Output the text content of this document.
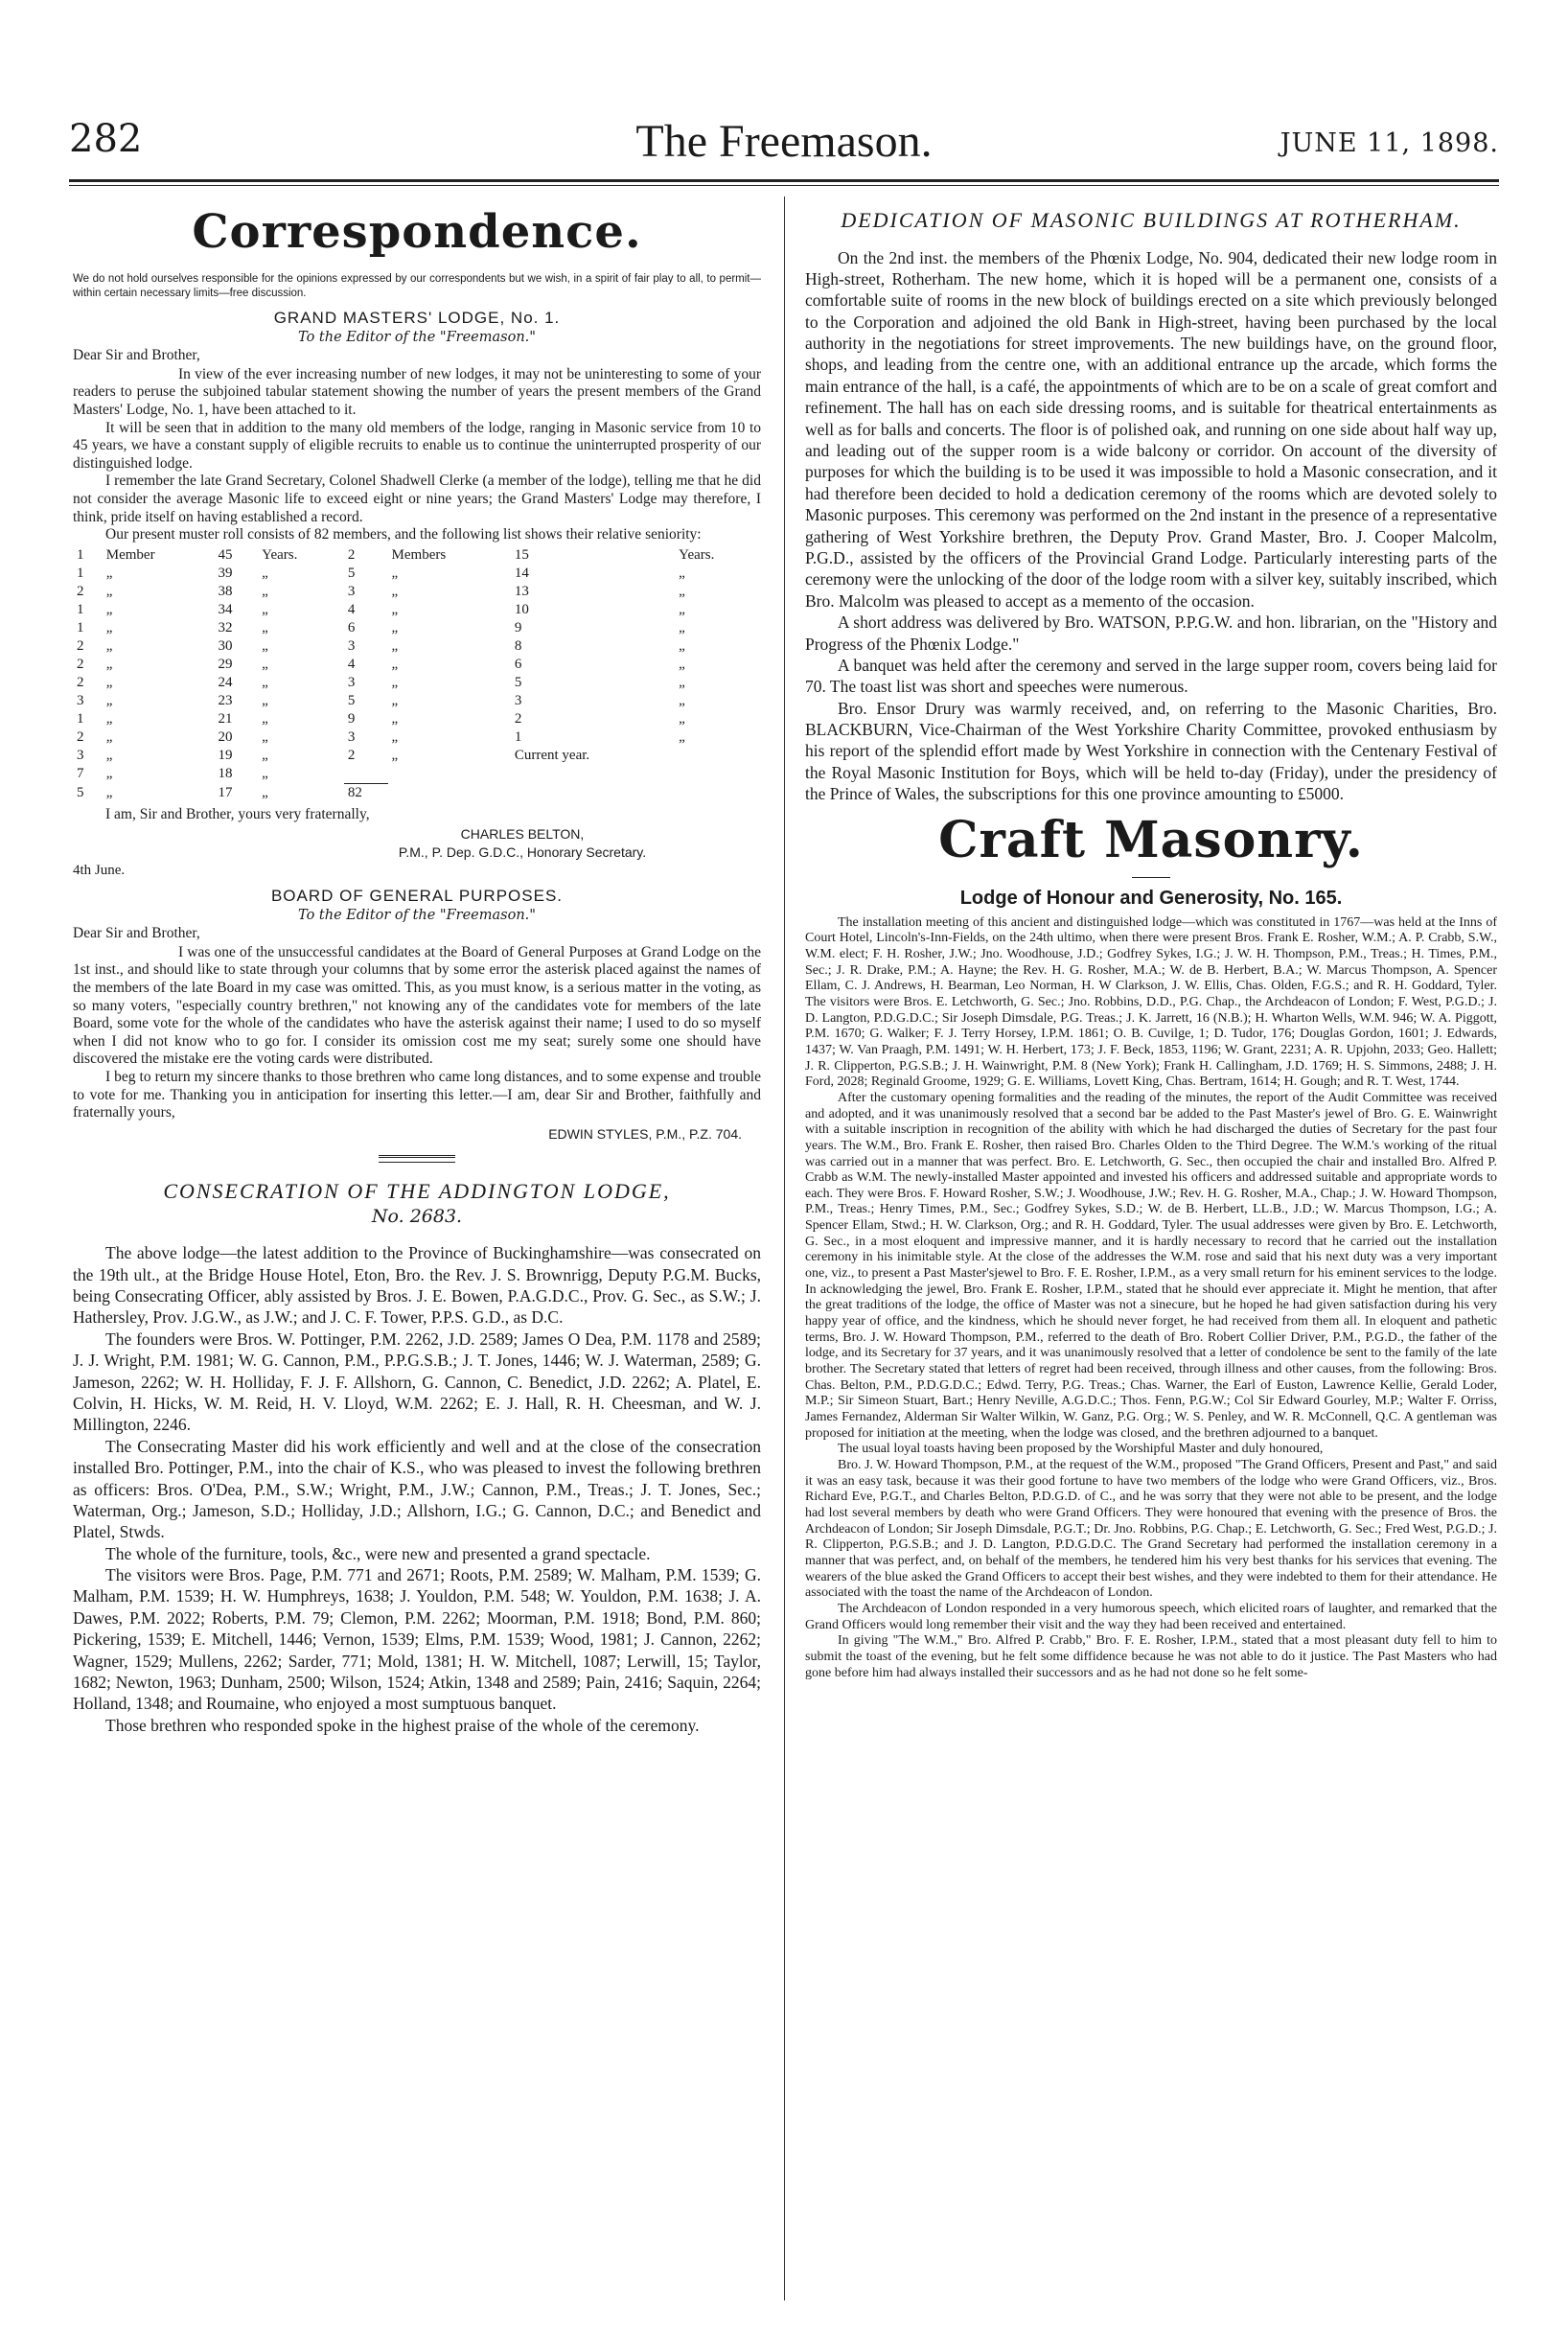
282	The Freemason.	JUNE 11, 1898.
Correspondence.

We do not hold ourselves responsible for the opinions expressed by our correspondents but we wish, in a spirit of fair play to all, to permit—within certain necessary limits—free discussion.

GRAND MASTERS' LODGE, No. 1.
To the Editor of the "Freemason."

Dear Sir and Brother,

In view of the ever increasing number of new lodges, it may not be uninteresting to some of your readers to peruse the subjoined tabular statement showing the number of years the present members of the Grand Masters' Lodge, No. 1, have been attached to it.

It will be seen that in addition to the many old members of the lodge, ranging in Masonic service from 10 to 45 years, we have a constant supply of eligible recruits to enable us to continue the uninterrupted prosperity of our distinguished lodge.

I remember the late Grand Secretary, Colonel Shadwell Clerke (a member of the lodge), telling me that he did not consider the average Masonic life to exceed eight or nine years; the Grand Masters' Lodge may therefore, I think, pride itself on having established a record.

Our present muster roll consists of 82 members, and the following list shows their relative seniority:

1	Member	45	Years.	2	Members	15	Years.
1	„	39	„	5	„	14	„
2	„	38	„	3	„	13	„
1	„	34	„	4	„	10	„
1	„	32	„	6	„	9	„
2	„	30	„	3	„	8	„
2	„	29	„	4	„	6	„
2	„	24	„	3	„	5	„
3	„	23	„	5	„	3	„
1	„	21	„	9	„	2	„
2	„	20	„	3	„	1	„
3	„	19	„	2	„	Current year.	
7	„	18	„				
5	„	17	„	82			

I am, Sir and Brother, yours very fraternally,

CHARLES BELTON,
P.M., P. Dep. G.D.C., Honorary Secretary.

4th June.

BOARD OF GENERAL PURPOSES.
To the Editor of the "Freemason."

Dear Sir and Brother,

I was one of the unsuccessful candidates at the Board of General Purposes at Grand Lodge on the 1st inst., and should like to state through your columns that by some error the asterisk placed against the names of the members of the late Board in my case was omitted. This, as you must know, is a serious matter in the voting, as so many voters, "especially country brethren," not knowing any of the candidates vote for members of the late Board, some vote for the whole of the candidates who have the asterisk against their name; I used to do so myself when I did not know who to go for. I consider its omission cost me my seat; surely some one should have discovered the mistake ere the voting cards were distributed.

I beg to return my sincere thanks to those brethren who came long distances, and to some expense and trouble to vote for me. Thanking you in anticipation for inserting this letter.—I am, dear Sir and Brother, faithfully and fraternally yours,

EDWIN STYLES, P.M., P.Z. 704.
CONSECRATION OF THE ADDINGTON LODGE,
No. 2683.

The above lodge—the latest addition to the Province of Buckinghamshire—was consecrated on the 19th ult., at the Bridge House Hotel, Eton, Bro. the Rev. J. S. Brownrigg, Deputy P.G.M. Bucks, being Consecrating Officer, ably assisted by Bros. J. E. Bowen, P.A.G.D.C., Prov. G. Sec., as S.W.; J. Hathersley, Prov. J.G.W., as J.W.; and J. C. F. Tower, P.P.S. G.D., as D.C.

The founders were Bros. W. Pottinger, P.M. 2262, J.D. 2589; James O Dea, P.M. 1178 and 2589; J. J. Wright, P.M. 1981; W. G. Cannon, P.M., P.P.G.S.B.; J. T. Jones, 1446; W. J. Waterman, 2589; G. Jameson, 2262; W. H. Holliday, F. J. F. Allshorn, G. Cannon, C. Benedict, J.D. 2262; A. Platel, E. Colvin, H. Hicks, W. M. Reid, H. V. Lloyd, W.M. 2262; E. J. Hall, R. H. Cheesman, and W. J. Millington, 2246.

The Consecrating Master did his work efficiently and well and at the close of the consecration installed Bro. Pottinger, P.M., into the chair of K.S., who was pleased to invest the following brethren as officers: Bros. O'Dea, P.M., S.W.; Wright, P.M., J.W.; Cannon, P.M., Treas.; J. T. Jones, Sec.; Waterman, Org.; Jameson, S.D.; Holliday, J.D.; Allshorn, I.G.; G. Cannon, D.C.; and Benedict and Platel, Stwds.

The whole of the furniture, tools, &c., were new and presented a grand spectacle.

The visitors were Bros. Page, P.M. 771 and 2671; Roots, P.M. 2589; W. Malham, P.M. 1539; G. Malham, P.M. 1539; H. W. Humphreys, 1638; J. Youldon, P.M. 548; W. Youldon, P.M. 1638; J. A. Dawes, P.M. 2022; Roberts, P.M. 79; Clemon, P.M. 2262; Moorman, P.M. 1918; Bond, P.M. 860; Pickering, 1539; E. Mitchell, 1446; Vernon, 1539; Elms, P.M. 1539; Wood, 1981; J. Cannon, 2262; Wagner, 1529; Mullens, 2262; Sarder, 771; Mold, 1381; H. W. Mitchell, 1087; Lerwill, 15; Taylor, 1682; Newton, 1963; Dunham, 2500; Wilson, 1524; Atkin, 1348 and 2589; Pain, 2416; Saquin, 2264; Holland, 1348; and Roumaine, who enjoyed a most sumptuous banquet.

Those brethren who responded spoke in the highest praise of the whole of the ceremony.

DEDICATION OF MASONIC BUILDINGS AT ROTHERHAM.

On the 2nd inst. the members of the Phœnix Lodge, No. 904, dedicated their new lodge room in High-street, Rotherham. The new home, which it is hoped will be a permanent one, consists of a comfortable suite of rooms in the new block of buildings erected on a site which previously belonged to the Corporation and adjoined the old Bank in High-street, having been purchased by the local authority in the negotiations for street improvements. The new buildings have, on the ground floor, shops, and leading from the centre one, with an additional entrance up the arcade, which forms the main entrance of the hall, is a café, the appointments of which are to be on a scale of great comfort and refinement. The hall has on each side dressing rooms, and is suitable for theatrical entertainments as well as for balls and concerts. The floor is of polished oak, and running on one side about half way up, and leading out of the supper room is a wide balcony or corridor. On account of the diversity of purposes for which the building is to be used it was impossible to hold a Masonic consecration, and it had therefore been decided to hold a dedication ceremony of the rooms which are devoted solely to Masonic purposes. This ceremony was performed on the 2nd instant in the presence of a representative gathering of West Yorkshire brethren, the Deputy Prov. Grand Master, Bro. J. Cooper Malcolm, P.G.D., assisted by the officers of the Provincial Grand Lodge. Particularly interesting parts of the ceremony were the unlocking of the door of the lodge room with a silver key, suitably inscribed, which Bro. Malcolm was pleased to accept as a memento of the occasion.

A short address was delivered by Bro. WATSON, P.P.G.W. and hon. librarian, on the "History and Progress of the Phœnix Lodge."

A banquet was held after the ceremony and served in the large supper room, covers being laid for 70. The toast list was short and speeches were numerous.

Bro. Ensor Drury was warmly received, and, on referring to the Masonic Charities, Bro. BLACKBURN, Vice-Chairman of the West Yorkshire Charity Committee, provoked enthusiasm by his report of the splendid effort made by West Yorkshire in connection with the Centenary Festival of the Royal Masonic Institution for Boys, which will be held to-day (Friday), under the presidency of the Prince of Wales, the subscriptions for this one province amounting to £5000.

Craft Masonry.
Lodge of Honour and Generosity, No. 165.

The installation meeting of this ancient and distinguished lodge—which was constituted in 1767—was held at the Inns of Court Hotel, Lincoln's-Inn-Fields, on the 24th ultimo, when there were present Bros. Frank E. Rosher, W.M.; A. P. Crabb, S.W., W.M. elect; F. H. Rosher, J.W.; Jno. Woodhouse, J.D.; Godfrey Sykes, I.G.; J. W. H. Thompson, P.M., Treas.; H. Times, P.M., Sec.; J. R. Drake, P.M.; A. Hayne; the Rev. H. G. Rosher, M.A.; W. de B. Herbert, B.A.; W. Marcus Thompson, A. Spencer Ellam, C. J. Andrews, H. Bearman, Leo Norman, H. W Clarkson, J. W. Ellis, Chas. Olden, F.G.S.; and R. H. Goddard, Tyler. The visitors were Bros. E. Letchworth, G. Sec.; Jno. Robbins, D.D., P.G. Chap., the Archdeacon of London; F. West, P.G.D.; J. D. Langton, P.D.G.D.C.; Sir Joseph Dimsdale, P.G. Treas.; J. K. Jarrett, 16 (N.B.); H. Wharton Wells, W.M. 946; W. A. Piggott, P.M. 1670; G. Walker; F. J. Terry Horsey, I.P.M. 1861; O. B. Cuvilge, 1; D. Tudor, 176; Douglas Gordon, 1601; J. Edwards, 1437; W. Van Praagh, P.M. 1491; W. H. Herbert, 173; J. F. Beck, 1853, 1196; W. Grant, 2231; A. R. Upjohn, 2033; Geo. Hallett; J. R. Clipperton, P.G.S.B.; J. H. Wainwright, P.M. 8 (New York); Frank H. Callingham, J.D. 1769; H. S. Simmons, 2488; J. H. Ford, 2028; Reginald Groome, 1929; G. E. Williams, Lovett King, Chas. Bertram, 1614; H. Gough; and R. T. West, 1744.

After the customary opening formalities and the reading of the minutes, the report of the Audit Committee was received and adopted, and it was unanimously resolved that a second bar be added to the Past Master's jewel of Bro. G. E. Wainwright with a suitable inscription in recognition of the ability with which he had discharged the duties of Secretary for the past four years. The W.M., Bro. Frank E. Rosher, then raised Bro. Charles Olden to the Third Degree. The W.M.'s working of the ritual was carried out in a manner that was perfect. Bro. E. Letchworth, G. Sec., then occupied the chair and installed Bro. Alfred P. Crabb as W.M. The newly-installed Master appointed and invested his officers and addressed suitable and appropriate words to each. They were Bros. F. Howard Rosher, S.W.; J. Woodhouse, J.W.; Rev. H. G. Rosher, M.A., Chap.; J. W. Howard Thompson, P.M., Treas.; Henry Times, P.M., Sec.; Godfrey Sykes, S.D.; W. de B. Herbert, LL.B., J.D.; W. Marcus Thompson, I.G.; A. Spencer Ellam, Stwd.; H. W. Clarkson, Org.; and R. H. Goddard, Tyler. The usual addresses were given by Bro. E. Letchworth, G. Sec., in a most eloquent and impressive manner, and it is hardly necessary to record that he carried out the installation ceremony in his inimitable style. At the close of the addresses the W.M. rose and said that his next duty was a very important one, viz., to present a Past Master'sjewel to Bro. F. E. Rosher, I.P.M., as a very small return for his eminent services to the lodge. In acknowledging the jewel, Bro. Frank E. Rosher, I.P.M., stated that he should ever appreciate it. Might he mention, that after the great traditions of the lodge, the office of Master was not a sinecure, but he hoped he had given satisfaction during his very happy year of office, and the kindness, which he should never forget, he had received from them all. In eloquent and pathetic terms, Bro. J. W. Howard Thompson, P.M., referred to the death of Bro. Robert Collier Driver, P.M., P.G.D., the father of the lodge, and its Secretary for 37 years, and it was unanimously resolved that a letter of condolence be sent to the family of the late brother. The Secretary stated that letters of regret had been received, through illness and other causes, from the following: Bros. Chas. Belton, P.M., P.D.G.D.C.; Edwd. Terry, P.G. Treas.; Chas. Warner, the Earl of Euston, Lawrence Kellie, Gerald Loder, M.P.; Sir Simeon Stuart, Bart.; Henry Neville, A.G.D.C.; Thos. Fenn, P.G.W.; Col Sir Edward Gourley, M.P.; Walter F. Orriss, James Fernandez, Alderman Sir Walter Wilkin, W. Ganz, P.G. Org.; W. S. Penley, and W. R. McConnell, Q.C. A gentleman was proposed for initiation at the meeting, when the lodge was closed, and the brethren adjourned to a banquet.

The usual loyal toasts having been proposed by the Worshipful Master and duly honoured,

Bro. J. W. Howard Thompson, P.M., at the request of the W.M., proposed "The Grand Officers, Present and Past," and said it was an easy task, because it was their good fortune to have two members of the lodge who were Grand Officers, viz., Bros. Richard Eve, P.G.T., and Charles Belton, P.D.G.D. of C., and he was sorry that they were not able to be present, and the lodge had lost several members by death who were Grand Officers. They were honoured that evening with the presence of Bros. the Archdeacon of London; Sir Joseph Dimsdale, P.G.T.; Dr. Jno. Robbins, P.G. Chap.; E. Letchworth, G. Sec.; Fred West, P.G.D.; J. R. Clipperton, P.G.S.B.; and J. D. Langton, P.D.G.D.C. The Grand Secretary had performed the installation ceremony in a manner that was perfect, and, on behalf of the members, he tendered him his very best thanks for his services that evening. The wearers of the blue asked the Grand Officers to accept their best wishes, and they were indebted to them for their attendance. He associated with the toast the name of the Archdeacon of London.

The Archdeacon of London responded in a very humorous speech, which elicited roars of laughter, and remarked that the Grand Officers would long remember their visit and the way they had been received and entertained.

In giving "The W.M.," Bro. Alfred P. Crabb," Bro. F. E. Rosher, I.P.M., stated that a most pleasant duty fell to him to submit the toast of the evening, but he felt some diffidence because he was not able to do it justice. The Past Masters who had gone before him had always installed their successors and as he had not done so he felt some-
